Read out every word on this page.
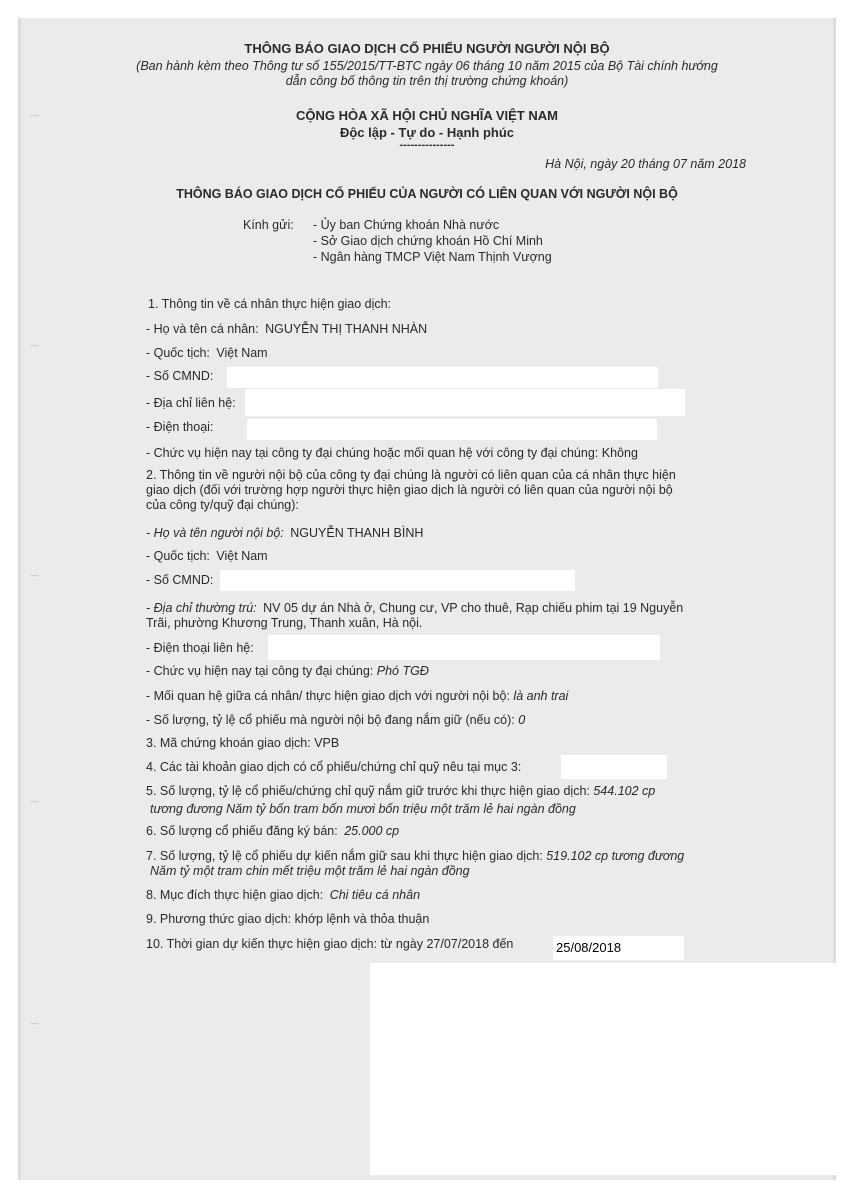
—
—
—
—
—
THÔNG BÁO GIAO DỊCH CỔ PHIẾU NGƯỜI NGƯỜI NỘI BỘ
(Ban hành kèm theo Thông tư số 155/2015/TT-BTC ngày 06 tháng 10 năm 2015 của Bộ Tài chính hướng
dẫn công bố thông tin trên thị trường chứng khoán)
CỘNG HÒA XÃ HỘI CHỦ NGHĨA VIỆT NAM
Độc lập - Tự do - Hạnh phúc
---------------
Hà Nội, ngày 20 tháng 07 năm 2018
THÔNG BÁO GIAO DỊCH CỔ PHIẾU CỦA NGƯỜI CÓ LIÊN QUAN VỚI NGƯỜI NỘI BỘ
Kính gửi: - Ủy ban Chứng khoán Nhà nước
- Sở Giao dịch chứng khoán Hồ Chí Minh
- Ngân hàng TMCP Việt Nam Thịnh Vượng
1. Thông tin về cá nhân thực hiện giao dịch:
- Họ và tên cá nhân: NGUYỄN THỊ THANH NHÀN
- Quốc tịch: Việt Nam
- Số CMND:
- Địa chỉ liên hệ:
- Điện thoại:
- Chức vụ hiện nay tại công ty đại chúng hoặc mối quan hệ với công ty đại chúng: Không
2. Thông tin về người nội bộ của công ty đại chúng là người có liên quan của cá nhân thực hiện
giao dịch (đối với trường hợp người thực hiện giao dịch là người có liên quan của người nội bộ
của công ty/quỹ đại chúng):
- Họ và tên người nội bộ: NGUYỄN THANH BÌNH
- Quốc tịch: Việt Nam
- Số CMND:
- Địa chỉ thường trú: NV 05 dự án Nhà ở, Chung cư, VP cho thuê, Rạp chiếu phim tại 19 Nguyễn
Trãi, phường Khương Trung, Thanh xuân, Hà nội.
- Điện thoại liên hệ:
- Chức vụ hiện nay tại công ty đại chúng: Phó TGĐ
- Mối quan hệ giữa cá nhân/ thực hiện giao dịch với người nội bộ: là anh trai
- Số lượng, tỷ lệ cổ phiếu mà người nội bộ đang nắm giữ (nếu có): 0
3. Mã chứng khoán giao dịch: VPB
4. Các tài khoản giao dịch có cổ phiếu/chứng chỉ quỹ nêu tại mục 3:
5. Số lượng, tỷ lệ cổ phiếu/chứng chỉ quỹ nắm giữ trước khi thực hiện giao dịch: 544.102 cp
tương đương Năm tỷ bốn tram bốn mươi bốn triệu một trăm lẻ hai ngàn đồng
6. Số lượng cổ phiếu đăng ký bán: 25.000 cp
7. Số lượng, tỷ lệ cổ phiếu dự kiến nắm giữ sau khi thực hiện giao dịch: 519.102 cp tương đương
Năm tỷ một tram chin mết triệu một trăm lẻ hai ngàn đồng
8. Mục đích thực hiện giao dịch: Chi tiêu cá nhân
9. Phương thức giao dịch: khớp lệnh và thỏa thuận
10. Thời gian dự kiến thực hiện giao dịch: từ ngày 27/07/2018 đến	25/08/2018
